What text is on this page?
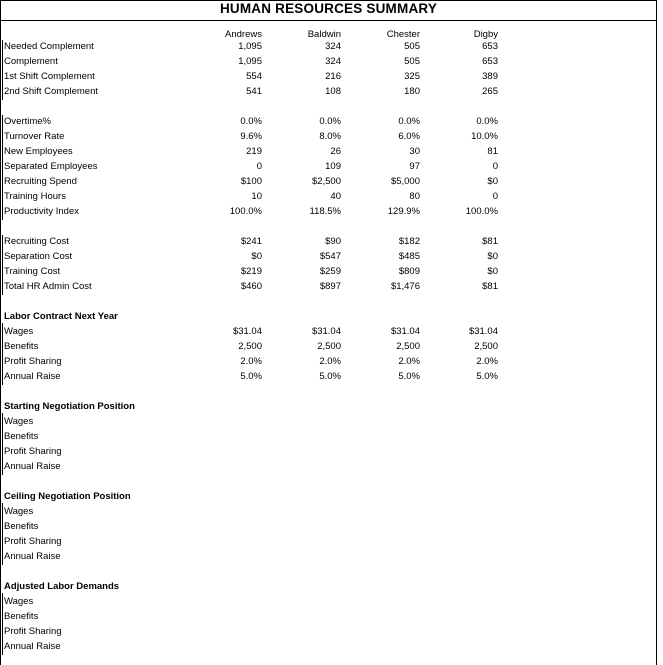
HUMAN RESOURCES SUMMARY
Andrews	Baldwin	Chester	Digby
Needed Complement	1,095	324	505	653
Complement	1,095	324	505	653
1st Shift Complement	554	216	325	389
2nd Shift Complement	541	108	180	265
Overtime%	0.0%	0.0%	0.0%	0.0%
Turnover Rate	9.6%	8.0%	6.0%	10.0%
New Employees	219	26	30	81
Separated Employees	0	109	97	0
Recruiting Spend	$100	$2,500	$5,000	$0
Training Hours	10	40	80	0
Productivity Index	100.0%	118.5%	129.9%	100.0%
Recruiting Cost	$241	$90	$182	$81
Separation Cost	$0	$547	$485	$0
Training Cost	$219	$259	$809	$0
Total HR Admin Cost	$460	$897	$1,476	$81
Labor Contract Next Year
Wages	$31.04	$31.04	$31.04	$31.04
Benefits	2,500	2,500	2,500	2,500
Profit Sharing	2.0%	2.0%	2.0%	2.0%
Annual Raise	5.0%	5.0%	5.0%	5.0%
Starting Negotiation Position
Wages
Benefits
Profit Sharing
Annual Raise
Ceiling Negotiation Position
Wages
Benefits
Profit Sharing
Annual Raise
Adjusted Labor Demands
Wages
Benefits
Profit Sharing
Annual Raise
